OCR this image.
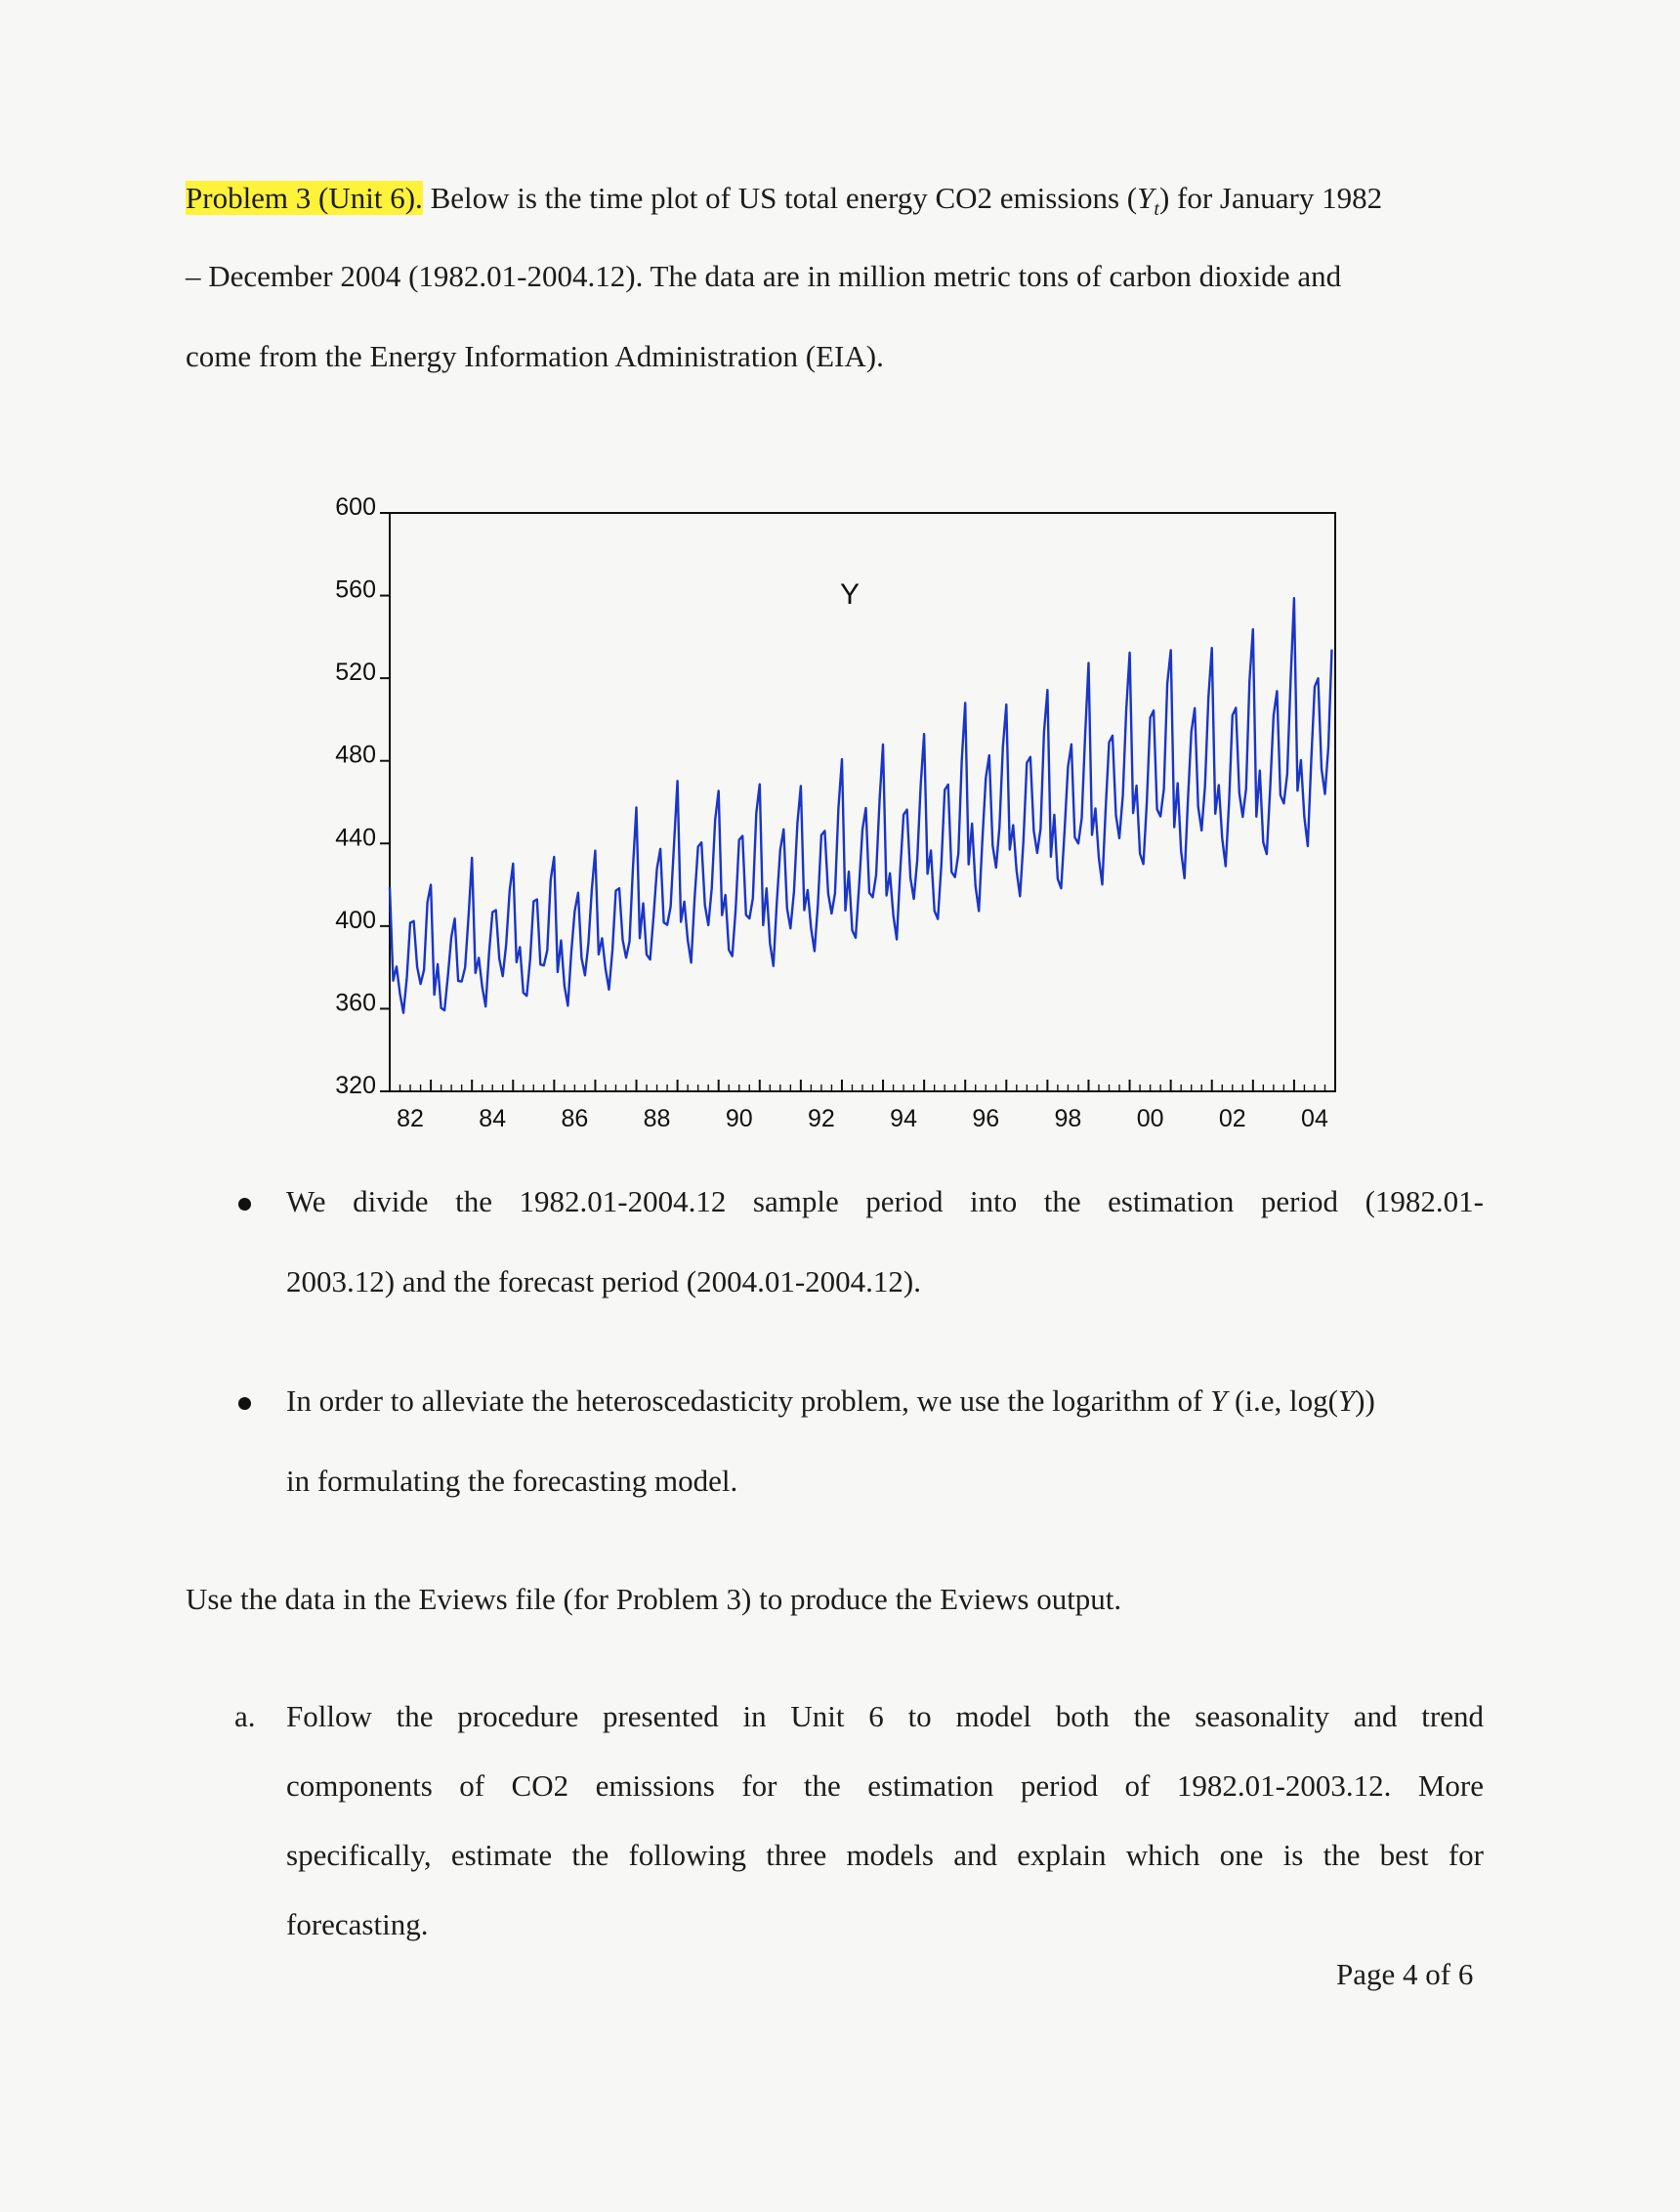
Problem 3 (Unit 6). Below is the time plot of US total energy CO2 emissions $(Y_t)$ for January 1982
– December 2004 (1982.01-2004.12). The data are in million metric tons of carbon dioxide and
come from the Energy Information Administration (EIA).
600
560
520
480
440
400
360
320
82 84 86 88 90 92 94 96 98 00 02 04
Y
We divide the 1982.01-2004.12 sample period into the estimation period (1982.01-
2003.12) and the forecast period (2004.01-2004.12).
In order to alleviate the heteroscedasticity problem, we use the logarithm of Y (i.e, log(Y))
in formulating the forecasting model.
Use the data in the Eviews file (for Problem 3) to produce the Eviews output.
a. Follow the procedure presented in Unit 6 to model both the seasonality and trend
components of CO2 emissions for the estimation period of 1982.01-2003.12. More
specifically, estimate the following three models and explain which one is the best for
forecasting.
Page 4 of 6
